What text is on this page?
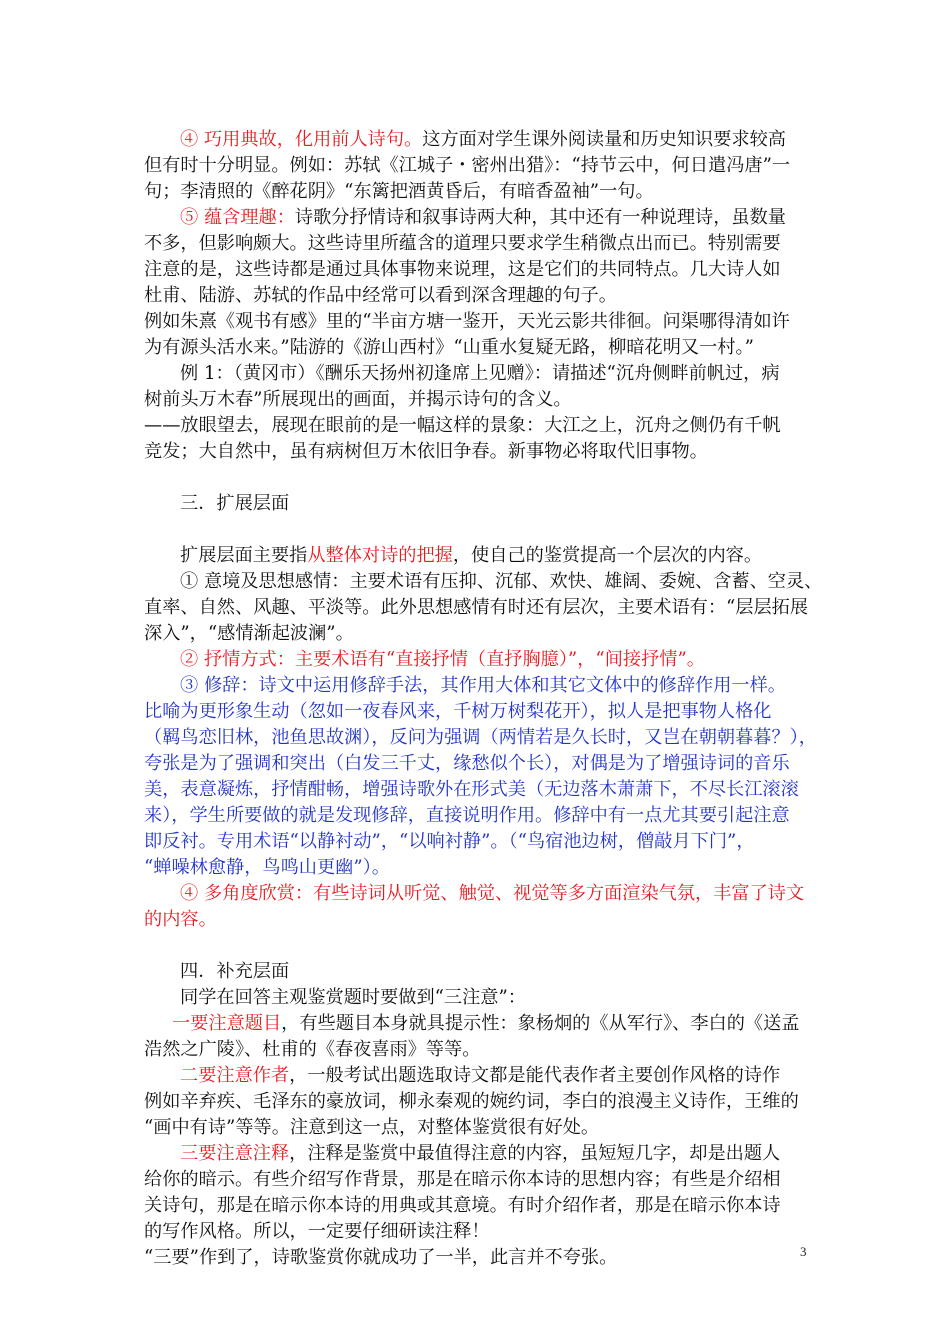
④ 巧用典故，化用前人诗句。这方面对学生课外阅读量和历史知识要求较高
但有时十分明显。例如：苏轼《江城子・密州出猎》：“持节云中，何日遣冯唐”一
句；李清照的《醉花阴》“东篱把酒黄昏后，有暗香盈袖”一句。
⑤ 蕴含理趣：诗歌分抒情诗和叙事诗两大种，其中还有一种说理诗，虽数量
不多，但影响颇大。这些诗里所蕴含的道理只要求学生稍微点出而已。特别需要
注意的是，这些诗都是通过具体事物来说理，这是它们的共同特点。几大诗人如
杜甫、陆游、苏轼的作品中经常可以看到深含理趣的句子。
例如朱熹《观书有感》里的“半亩方塘一鉴开，天光云影共徘徊。问渠哪得清如许
为有源头活水来。”陆游的《游山西村》“山重水复疑无路，柳暗花明又一村。”
例 1：（黄冈市）《酬乐天扬州初逢席上见赠》：请描述“沉舟侧畔前帆过，病
树前头万木春”所展现出的画面，并揭示诗句的含义。
——放眼望去，展现在眼前的是一幅这样的景象：大江之上，沉舟之侧仍有千帆
竞发；大自然中，虽有病树但万木依旧争春。新事物必将取代旧事物。
三．扩展层面
扩展层面主要指从整体对诗的把握，使自己的鉴赏提高一个层次的内容。
① 意境及思想感情：主要术语有压抑、沉郁、欢快、雄阔、委婉、含蓄、空灵、
直率、自然、风趣、平淡等。此外思想感情有时还有层次，主要术语有：“层层拓展
深入”，“感情渐起波澜”。
② 抒情方式：主要术语有“直接抒情（直抒胸臆）”，“间接抒情”。
③ 修辞：诗文中运用修辞手法，其作用大体和其它文体中的修辞作用一样。
比喻为更形象生动（忽如一夜春风来，千树万树梨花开），拟人是把事物人格化
（羁鸟恋旧林，池鱼思故渊），反问为强调（两情若是久长时，又岂在朝朝暮暮？），
夸张是为了强调和突出（白发三千丈，缘愁似个长），对偶是为了增强诗词的音乐
美，表意凝炼，抒情酣畅，增强诗歌外在形式美（无边落木萧萧下，不尽长江滚滚
来），学生所要做的就是发现修辞，直接说明作用。修辞中有一点尤其要引起注意
即反衬。专用术语“以静衬动”，“以响衬静”。（“鸟宿池边树，僧敲月下门”，
“蝉噪林愈静，鸟鸣山更幽”）。
④ 多角度欣赏：有些诗词从听觉、触觉、视觉等多方面渲染气氛，丰富了诗文
的内容。
四．补充层面
同学在回答主观鉴赏题时要做到“三注意”：
一要注意题目，有些题目本身就具提示性：象杨炯的《从军行》、李白的《送孟
浩然之广陵》、杜甫的《春夜喜雨》等等。
二要注意作者，一般考试出题选取诗文都是能代表作者主要创作风格的诗作
例如辛弃疾、毛泽东的豪放词，柳永秦观的婉约词，李白的浪漫主义诗作，王维的
“画中有诗”等等。注意到这一点，对整体鉴赏很有好处。
三要注意注释，注释是鉴赏中最值得注意的内容，虽短短几字，却是出题人
给你的暗示。有些介绍写作背景，那是在暗示你本诗的思想内容；有些是介绍相
关诗句，那是在暗示你本诗的用典或其意境。有时介绍作者，那是在暗示你本诗
的写作风格。所以，一定要仔细研读注释！
“三要”作到了，诗歌鉴赏你就成功了一半，此言并不夸张。	3
